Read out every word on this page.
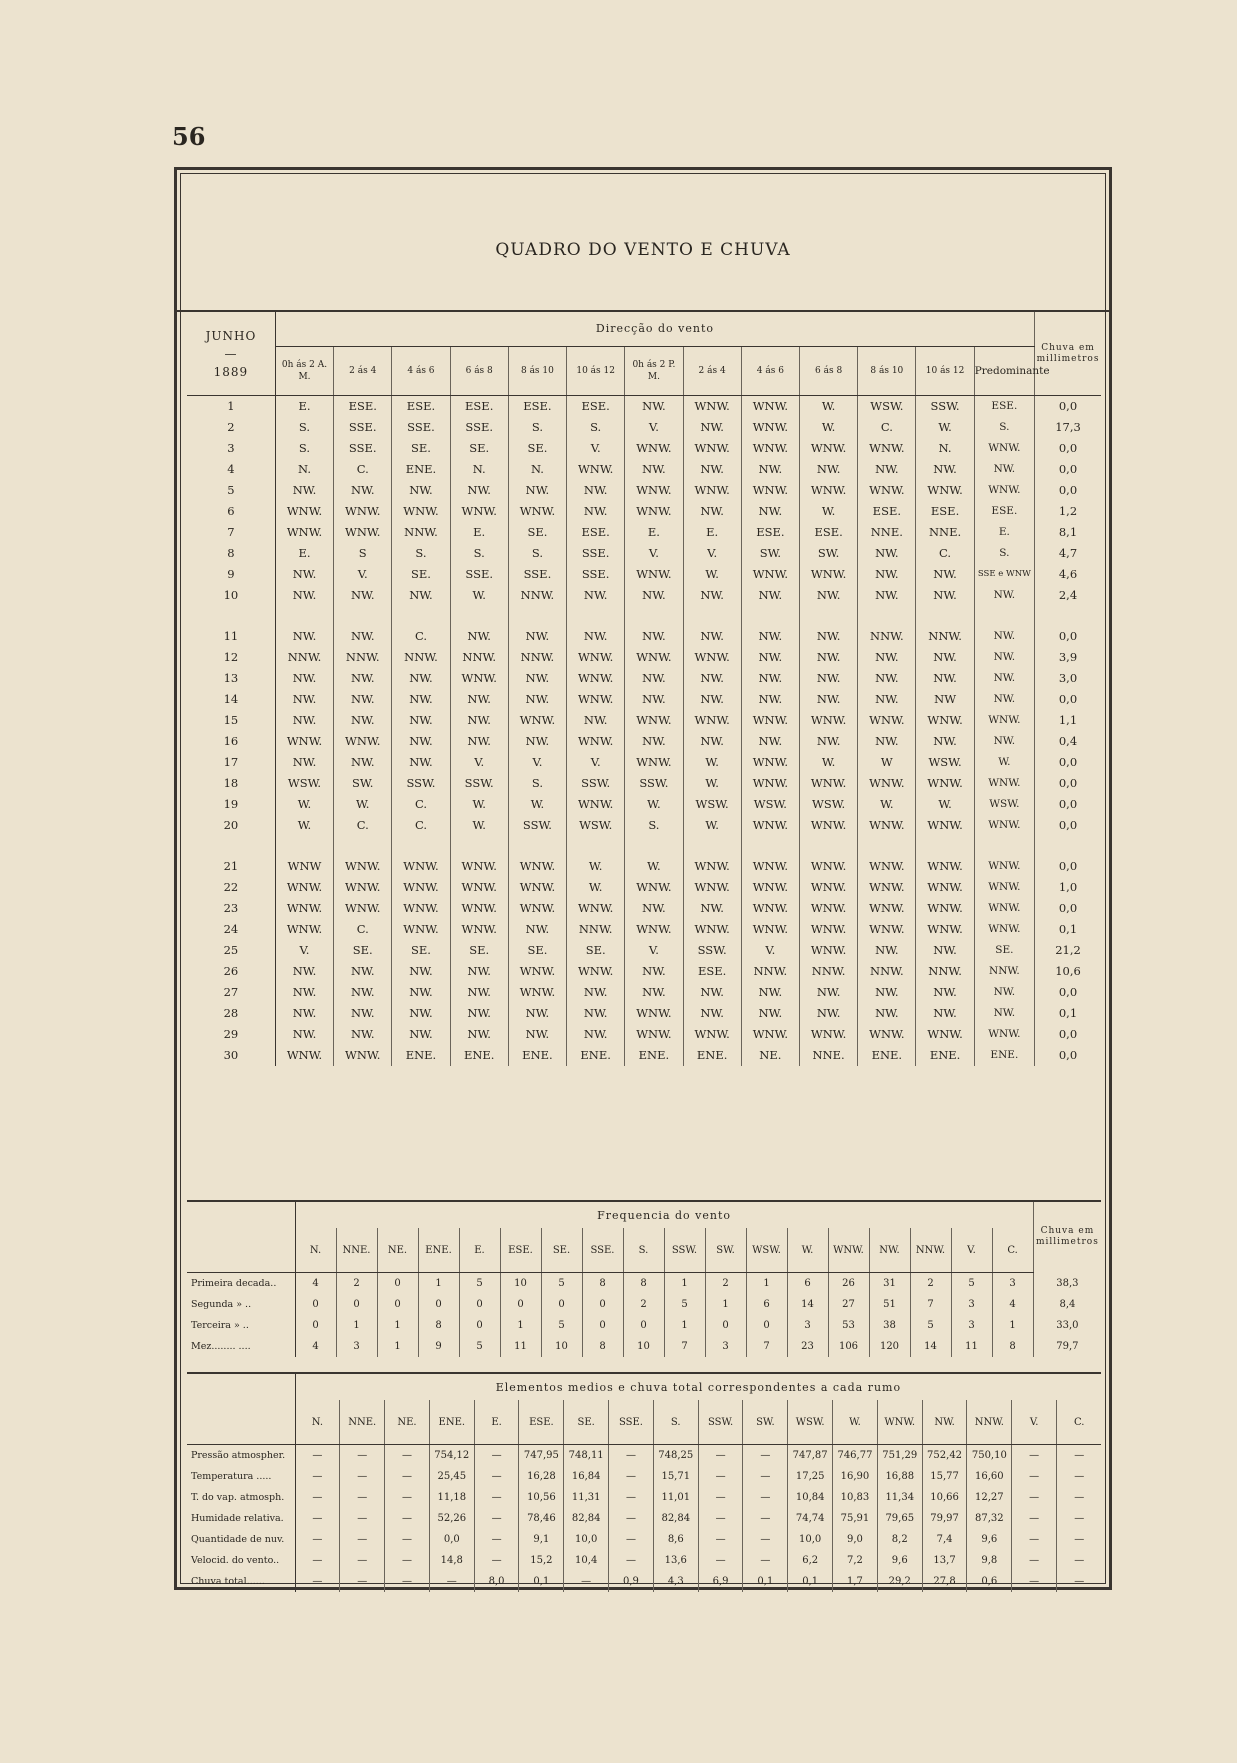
56
QUADRO DO VENTO E CHUVA
JUNHO
—
1889	Direcção do vento													Chuva em millimetros
	0h ás 2 A. M.	2 ás 4	4 ás 6	6 ás 8	8 ás 10	10 ás 12	0h ás 2 P. M.	2 ás 4	4 ás 6	6 ás 8	8 ás 10	10 ás 12	Predominante	
1	E.	ESE.	ESE.	ESE.	ESE.	ESE.	NW.	WNW.	WNW.	W.	WSW.	SSW.	ESE.	0,0
2	S.	SSE.	SSE.	SSE.	S.	S.	V.	NW.	WNW.	W.	C.	W.	S.	17,3
3	S.	SSE.	SE.	SE.	SE.	V.	WNW.	WNW.	WNW.	WNW.	WNW.	N.	WNW.	0,0
4	N.	C.	ENE.	N.	N.	WNW.	NW.	NW.	NW.	NW.	NW.	NW.	NW.	0,0
5	NW.	NW.	NW.	NW.	NW.	NW.	WNW.	WNW.	WNW.	WNW.	WNW.	WNW.	WNW.	0,0
6	WNW.	WNW.	WNW.	WNW.	WNW.	NW.	WNW.	NW.	NW.	W.	ESE.	ESE.	ESE.	1,2
7	WNW.	WNW.	NNW.	E.	SE.	ESE.	E.	E.	ESE.	ESE.	NNE.	NNE.	E.	8,1
8	E.	S	S.	S.	S.	SSE.	V.	V.	SW.	SW.	NW.	C.	S.	4,7
9	NW.	V.	SE.	SSE.	SSE.	SSE.	WNW.	W.	WNW.	WNW.	NW.	NW.	SSE e WNW	4,6
10	NW.	NW.	NW.	W.	NNW.	NW.	NW.	NW.	NW.	NW.	NW.	NW.	NW.	2,4

11	NW.	NW.	C.	NW.	NW.	NW.	NW.	NW.	NW.	NW.	NNW.	NNW.	NW.	0,0
12	NNW.	NNW.	NNW.	NNW.	NNW.	WNW.	WNW.	WNW.	NW.	NW.	NW.	NW.	NW.	3,9
13	NW.	NW.	NW.	WNW.	NW.	WNW.	NW.	NW.	NW.	NW.	NW.	NW.	NW.	3,0
14	NW.	NW.	NW.	NW.	NW.	WNW.	NW.	NW.	NW.	NW.	NW.	NW	NW.	0,0
15	NW.	NW.	NW.	NW.	WNW.	NW.	WNW.	WNW.	WNW.	WNW.	WNW.	WNW.	WNW.	1,1
16	WNW.	WNW.	NW.	NW.	NW.	WNW.	NW.	NW.	NW.	NW.	NW.	NW.	NW.	0,4
17	NW.	NW.	NW.	V.	V.	V.	WNW.	W.	WNW.	W.	W	WSW.	W.	0,0
18	WSW.	SW.	SSW.	SSW.	S.	SSW.	SSW.	W.	WNW.	WNW.	WNW.	WNW.	WNW.	0,0
19	W.	W.	C.	W.	W.	WNW.	W.	WSW.	WSW.	WSW.	W.	W.	WSW.	0,0
20	W.	C.	C.	W.	SSW.	WSW.	S.	W.	WNW.	WNW.	WNW.	WNW.	WNW.	0,0

21	WNW	WNW.	WNW.	WNW.	WNW.	W.	W.	WNW.	WNW.	WNW.	WNW.	WNW.	WNW.	0,0
22	WNW.	WNW.	WNW.	WNW.	WNW.	W.	WNW.	WNW.	WNW.	WNW.	WNW.	WNW.	WNW.	1,0
23	WNW.	WNW.	WNW.	WNW.	WNW.	WNW.	NW.	NW.	WNW.	WNW.	WNW.	WNW.	WNW.	0,0
24	WNW.	C.	WNW.	WNW.	NW.	NNW.	WNW.	WNW.	WNW.	WNW.	WNW.	WNW.	WNW.	0,1
25	V.	SE.	SE.	SE.	SE.	SE.	V.	SSW.	V.	WNW.	NW.	NW.	SE.	21,2
26	NW.	NW.	NW.	NW.	WNW.	WNW.	NW.	ESE.	NNW.	NNW.	NNW.	NNW.	NNW.	10,6
27	NW.	NW.	NW.	NW.	WNW.	NW.	NW.	NW.	NW.	NW.	NW.	NW.	NW.	0,0
28	NW.	NW.	NW.	NW.	NW.	NW.	WNW.	NW.	NW.	NW.	NW.	NW.	NW.	0,1
29	NW.	NW.	NW.	NW.	NW.	NW.	WNW.	WNW.	WNW.	WNW.	WNW.	WNW.	WNW.	0,0
30	WNW.	WNW.	ENE.	ENE.	ENE.	ENE.	ENE.	ENE.	NE.	NNE.	ENE.	ENE.	ENE.	0,0
	Frequencia do vento																		Chuva em millimetros
	N.	NNE.	NE.	ENE.	E.	ESE.	SE.	SSE.	S.	SSW.	SW.	WSW.	W.	WNW.	NW.	NNW.	V.	C.	
Primeira decada..	4	2	0	1	5	10	5	8	8	1	2	1	6	26	31	2	5	3	38,3
Segunda » ..	0	0	0	0	0	0	0	0	2	5	1	6	14	27	51	7	3	4	8,4
Terceira » ..	0	1	1	8	0	1	5	0	0	1	0	0	3	53	38	5	3	1	33,0
Mez........ ....	4	3	1	9	5	11	10	8	10	7	3	7	23	106	120	14	11	8	79,7
	Elementos medios e chuva total correspondentes a cada rumo																	
	N.	NNE.	NE.	ENE.	E.	ESE.	SE.	SSE.	S.	SSW.	SW.	WSW.	W.	WNW.	NW.	NNW.	V.	C.
Pressão atmospher.	—	—	—	754,12	—	747,95	748,11	—	748,25	—	—	747,87	746,77	751,29	752,42	750,10	—	—
Temperatura .....	—	—	—	25,45	—	16,28	16,84	—	15,71	—	—	17,25	16,90	16,88	15,77	16,60	—	—
T. do vap. atmosph.	—	—	—	11,18	—	10,56	11,31	—	11,01	—	—	10,84	10,83	11,34	10,66	12,27	—	—
Humidade relativa.	—	—	—	52,26	—	78,46	82,84	—	82,84	—	—	74,74	75,91	79,65	79,97	87,32	—	—
Quantidade de nuv.	—	—	—	0,0	—	9,1	10,0	—	8,6	—	—	10,0	9,0	8,2	7,4	9,6	—	—
Velocid. do vento..	—	—	—	14,8	—	15,2	10,4	—	13,6	—	—	6,2	7,2	9,6	13,7	9,8	—	—
Chuva total......	—	—	—	—	8,0	0,1	—	0,9	4,3	6,9	0,1	0,1	1,7	29,2	27,8	0,6	—	—
